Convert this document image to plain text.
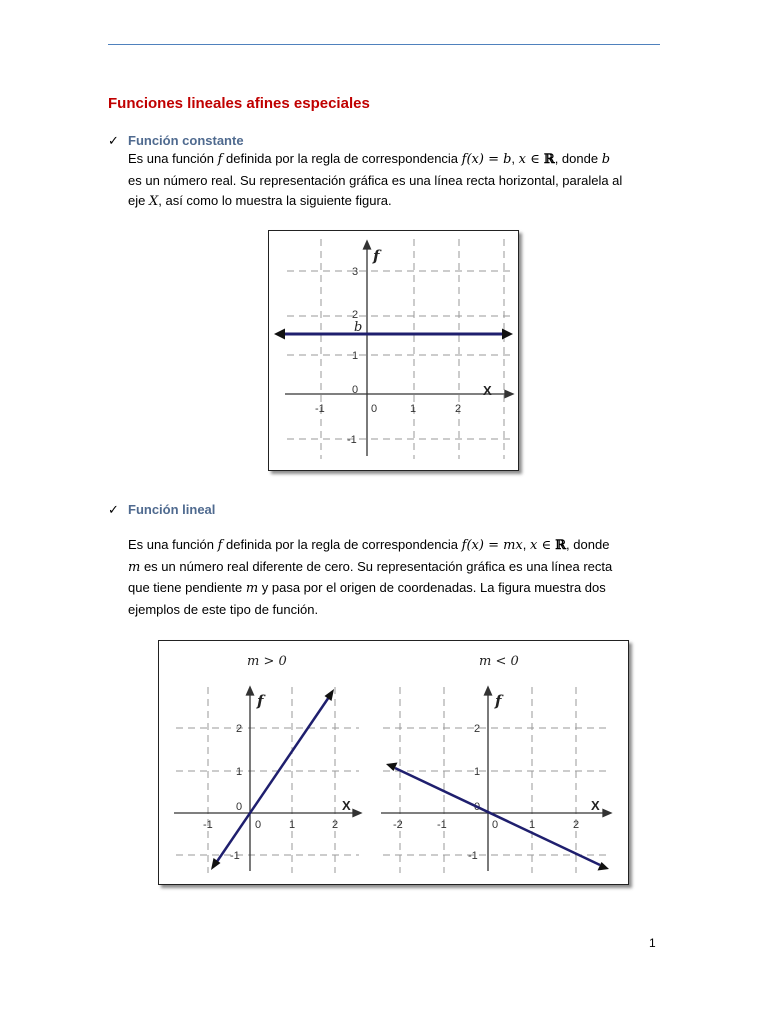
Funciones lineales afines especiales
✓ Función constante
Es una función f definida por la regla de correspondencia f(x) = b, x ∈ ℝ, donde b
es un número real. Su representación gráfica es una línea recta horizontal, paralela al
eje X, así como lo muestra la siguiente figura.
-1	0	1	2
3
2
1
0
-1
f
X
b
✓ Función lineal
Es una función f definida por la regla de correspondencia f(x) = mx, x ∈ ℝ, donde
m es un número real diferente de cero. Su representación gráfica es una línea recta
que tiene pendiente m y pasa por el origen de coordenadas. La figura muestra dos
ejemplos de este tipo de función.
m > 0
-1	0	1	2
2
1
0
-1
f
X
m < 0
-2	-1	0	1	2
2
1
-1
f
X
1
